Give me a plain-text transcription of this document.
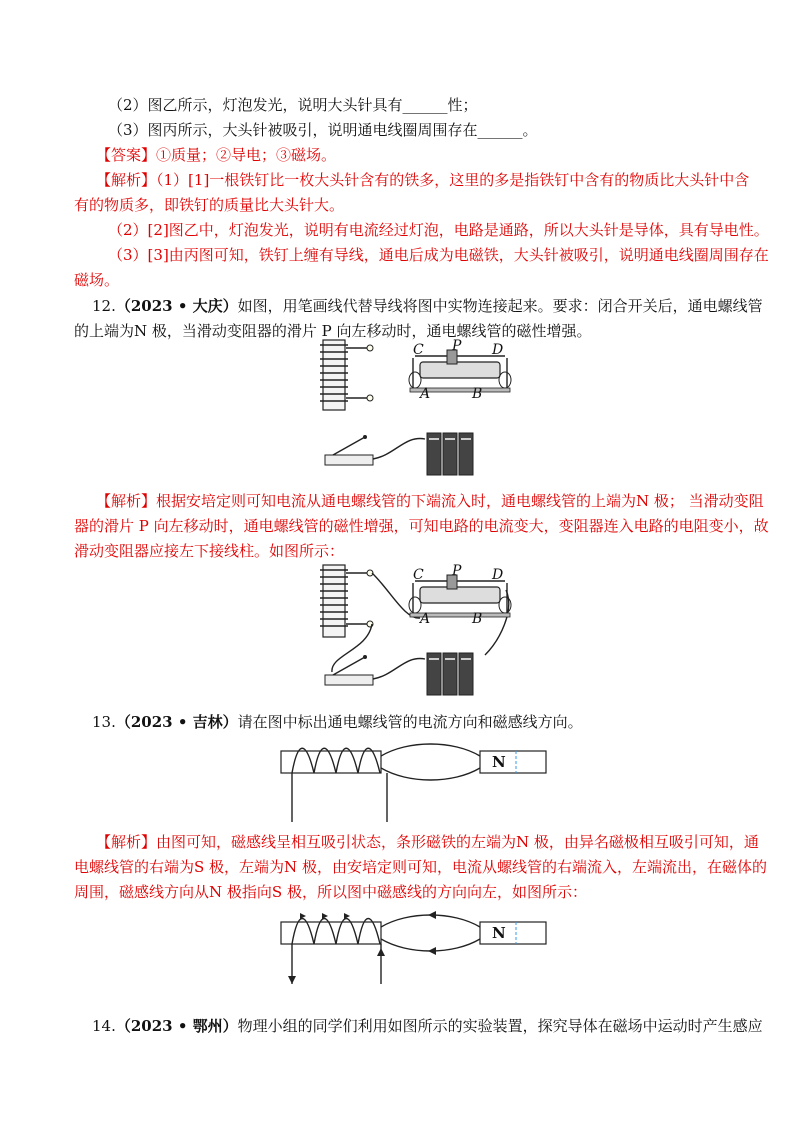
（2）图乙所示，灯泡发光，说明大头针具有______性；
（3）图丙所示，大头针被吸引，说明通电线圈周围存在______。
【答案】①质量；②导电；③磁场。
【解析】（1）[1]一根铁钉比一枚大头针含有的铁多，这里的多是指铁钉中含有的物质比大头针中含
有的物质多，即铁钉的质量比大头针大。
（2）[2]图乙中，灯泡发光，说明有电流经过灯泡，电路是通路，所以大头针是导体，具有导电性。
（3）[3]由丙图可知，铁钉上缠有导线，通电后成为电磁铁，大头针被吸引，说明通电线圈周围存在
磁场。
12.（2023 • 大庆）如图，用笔画线代替导线将图中实物连接起来。要求：闭合开关后，通电螺线管
的上端为N 极，当滑动变阻器的滑片 P 向左移动时，通电螺线管的磁性增强。
C P D
A	B
【解析】根据安培定则可知电流从通电螺线管的下端流入时，通电螺线管的上端为N 极； 当滑动变阻
器的滑片 P 向左移动时，通电螺线管的磁性增强，可知电路的电流变大，变阻器连入电路的电阻变小，故
滑动变阻器应接左下接线柱。如图所示：
C P D
A	B
13.（2023 • 吉林）请在图中标出通电螺线管的电流方向和磁感线方向。
N
【解析】由图可知，磁感线呈相互吸引状态，条形磁铁的左端为N 极，由异名磁极相互吸引可知，通
电螺线管的右端为S 极，左端为N 极，由安培定则可知，电流从螺线管的右端流入，左端流出，在磁体的
周围，磁感线方向从N 极指向S 极，所以图中磁感线的方向向左，如图所示：
N
14.（2023 • 鄂州）物理小组的同学们利用如图所示的实验装置，探究导体在磁场中运动时产生感应
